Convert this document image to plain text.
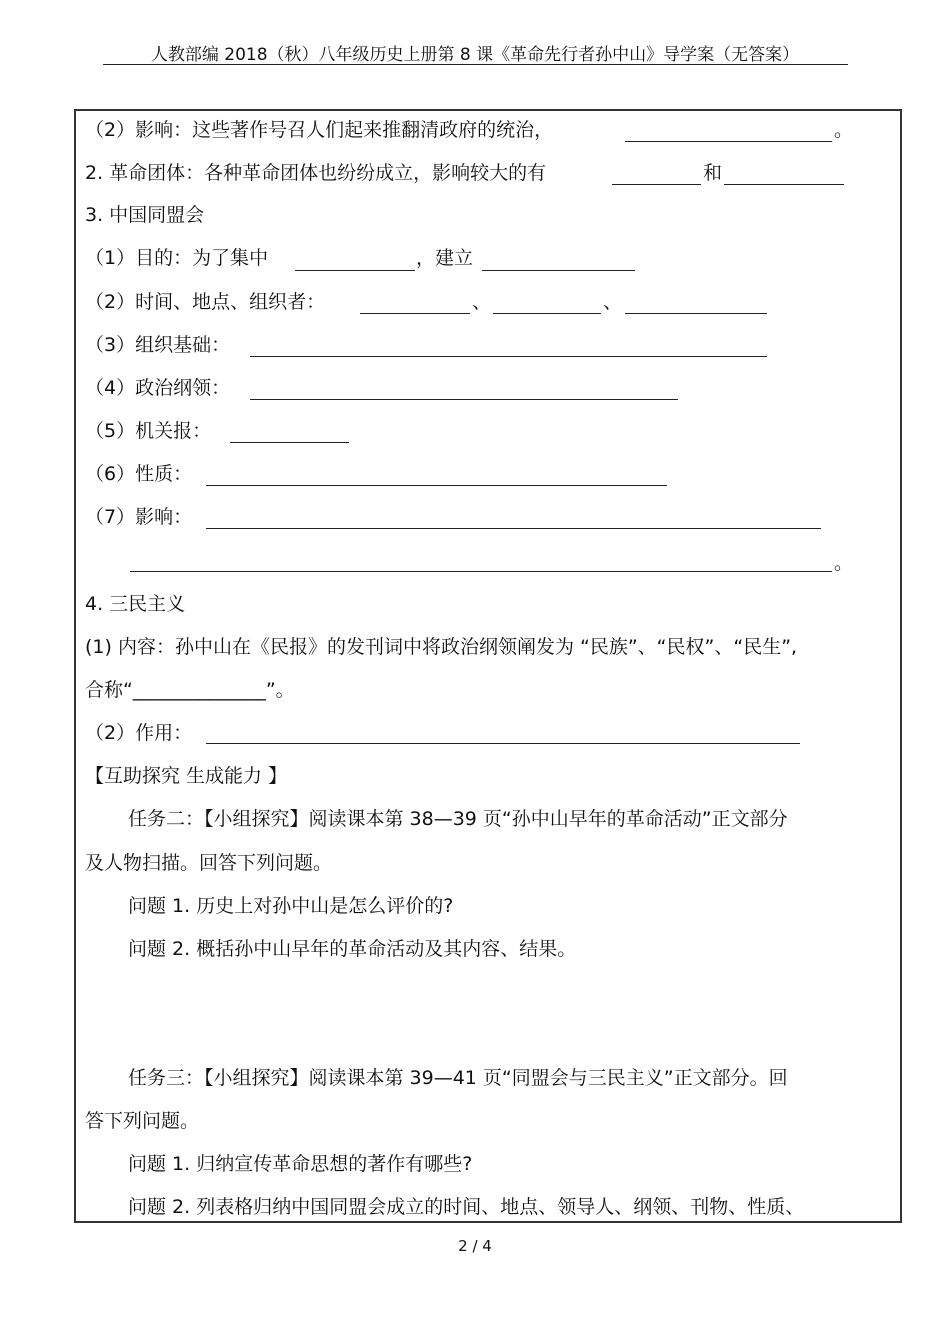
人教部编 2018（秋）八年级历史上册第 8 课《革命先行者孙中山》导学案（无答案）
（2）影响：这些著作号召人们起来推翻清政府的统治，	。
2. 革命团体：各种革命团体也纷纷成立，影响较大的有	和
3. 中国同盟会
（1）目的：为了集中	，建立
（2）时间、地点、组织者：	、	、
（3）组织基础：
（4）政治纲领：
（5）机关报：
（6）性质：
（7）影响：
。
4. 三民主义
(1) 内容：孙中山在《民报》的发刊词中将政治纲领阐发为 “民族”、“民权”、“民生”,
合称“______________”。
（2）作用：
【互助探究 生成能力 】
任务二：【小组探究】阅读课本第 38—39 页“孙中山早年的革命活动”正文部分
及人物扫描。回答下列问题。
问题 1. 历史上对孙中山是怎么评价的?
问题 2. 概括孙中山早年的革命活动及其内容、结果。
任务三：【小组探究】阅读课本第 39—41 页“同盟会与三民主义”正文部分。回
答下列问题。
问题 1. 归纳宣传革命思想的著作有哪些?
问题 2. 列表格归纳中国同盟会成立的时间、地点、领导人、纲领、刊物、性质、
2 / 4
